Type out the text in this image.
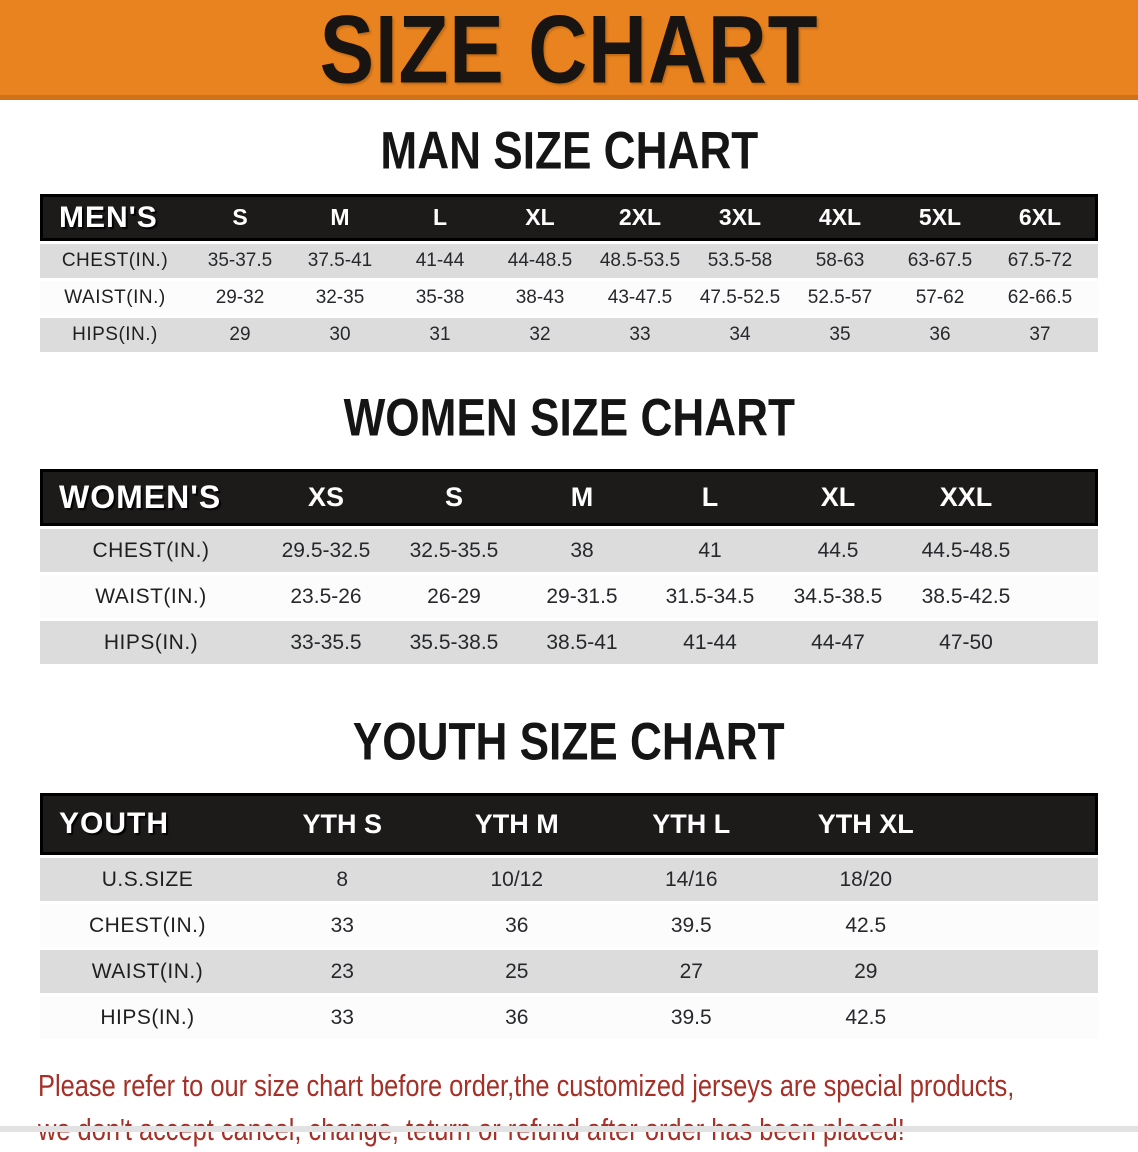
SIZE CHART
MAN SIZE CHART
MEN'S	S	M	L	XL	2XL	3XL	4XL	5XL	6XL	
CHEST(IN.)	35-37.5	37.5-41	41-44	44-48.5	48.5-53.5	53.5-58	58-63	63-67.5	67.5-72	
WAIST(IN.)	29-32	32-35	35-38	38-43	43-47.5	47.5-52.5	52.5-57	57-62	62-66.5	
HIPS(IN.)	29	30	31	32	33	34	35	36	37	
WOMEN SIZE CHART
WOMEN'S	XS	S	M	L	XL	XXL	
CHEST(IN.)	29.5-32.5	32.5-35.5	38	41	44.5	44.5-48.5	
WAIST(IN.)	23.5-26	26-29	29-31.5	31.5-34.5	34.5-38.5	38.5-42.5	
HIPS(IN.)	33-35.5	35.5-38.5	38.5-41	41-44	44-47	47-50	
YOUTH SIZE CHART
YOUTH	YTH S	YTH M	YTH L	YTH XL	
U.S.SIZE	8	10/12	14/16	18/20	
CHEST(IN.)	33	36	39.5	42.5	
WAIST(IN.)	23	25	27	29	
HIPS(IN.)	33	36	39.5	42.5	

Please refer to our size chart before order,the customized jerseys are special products,
